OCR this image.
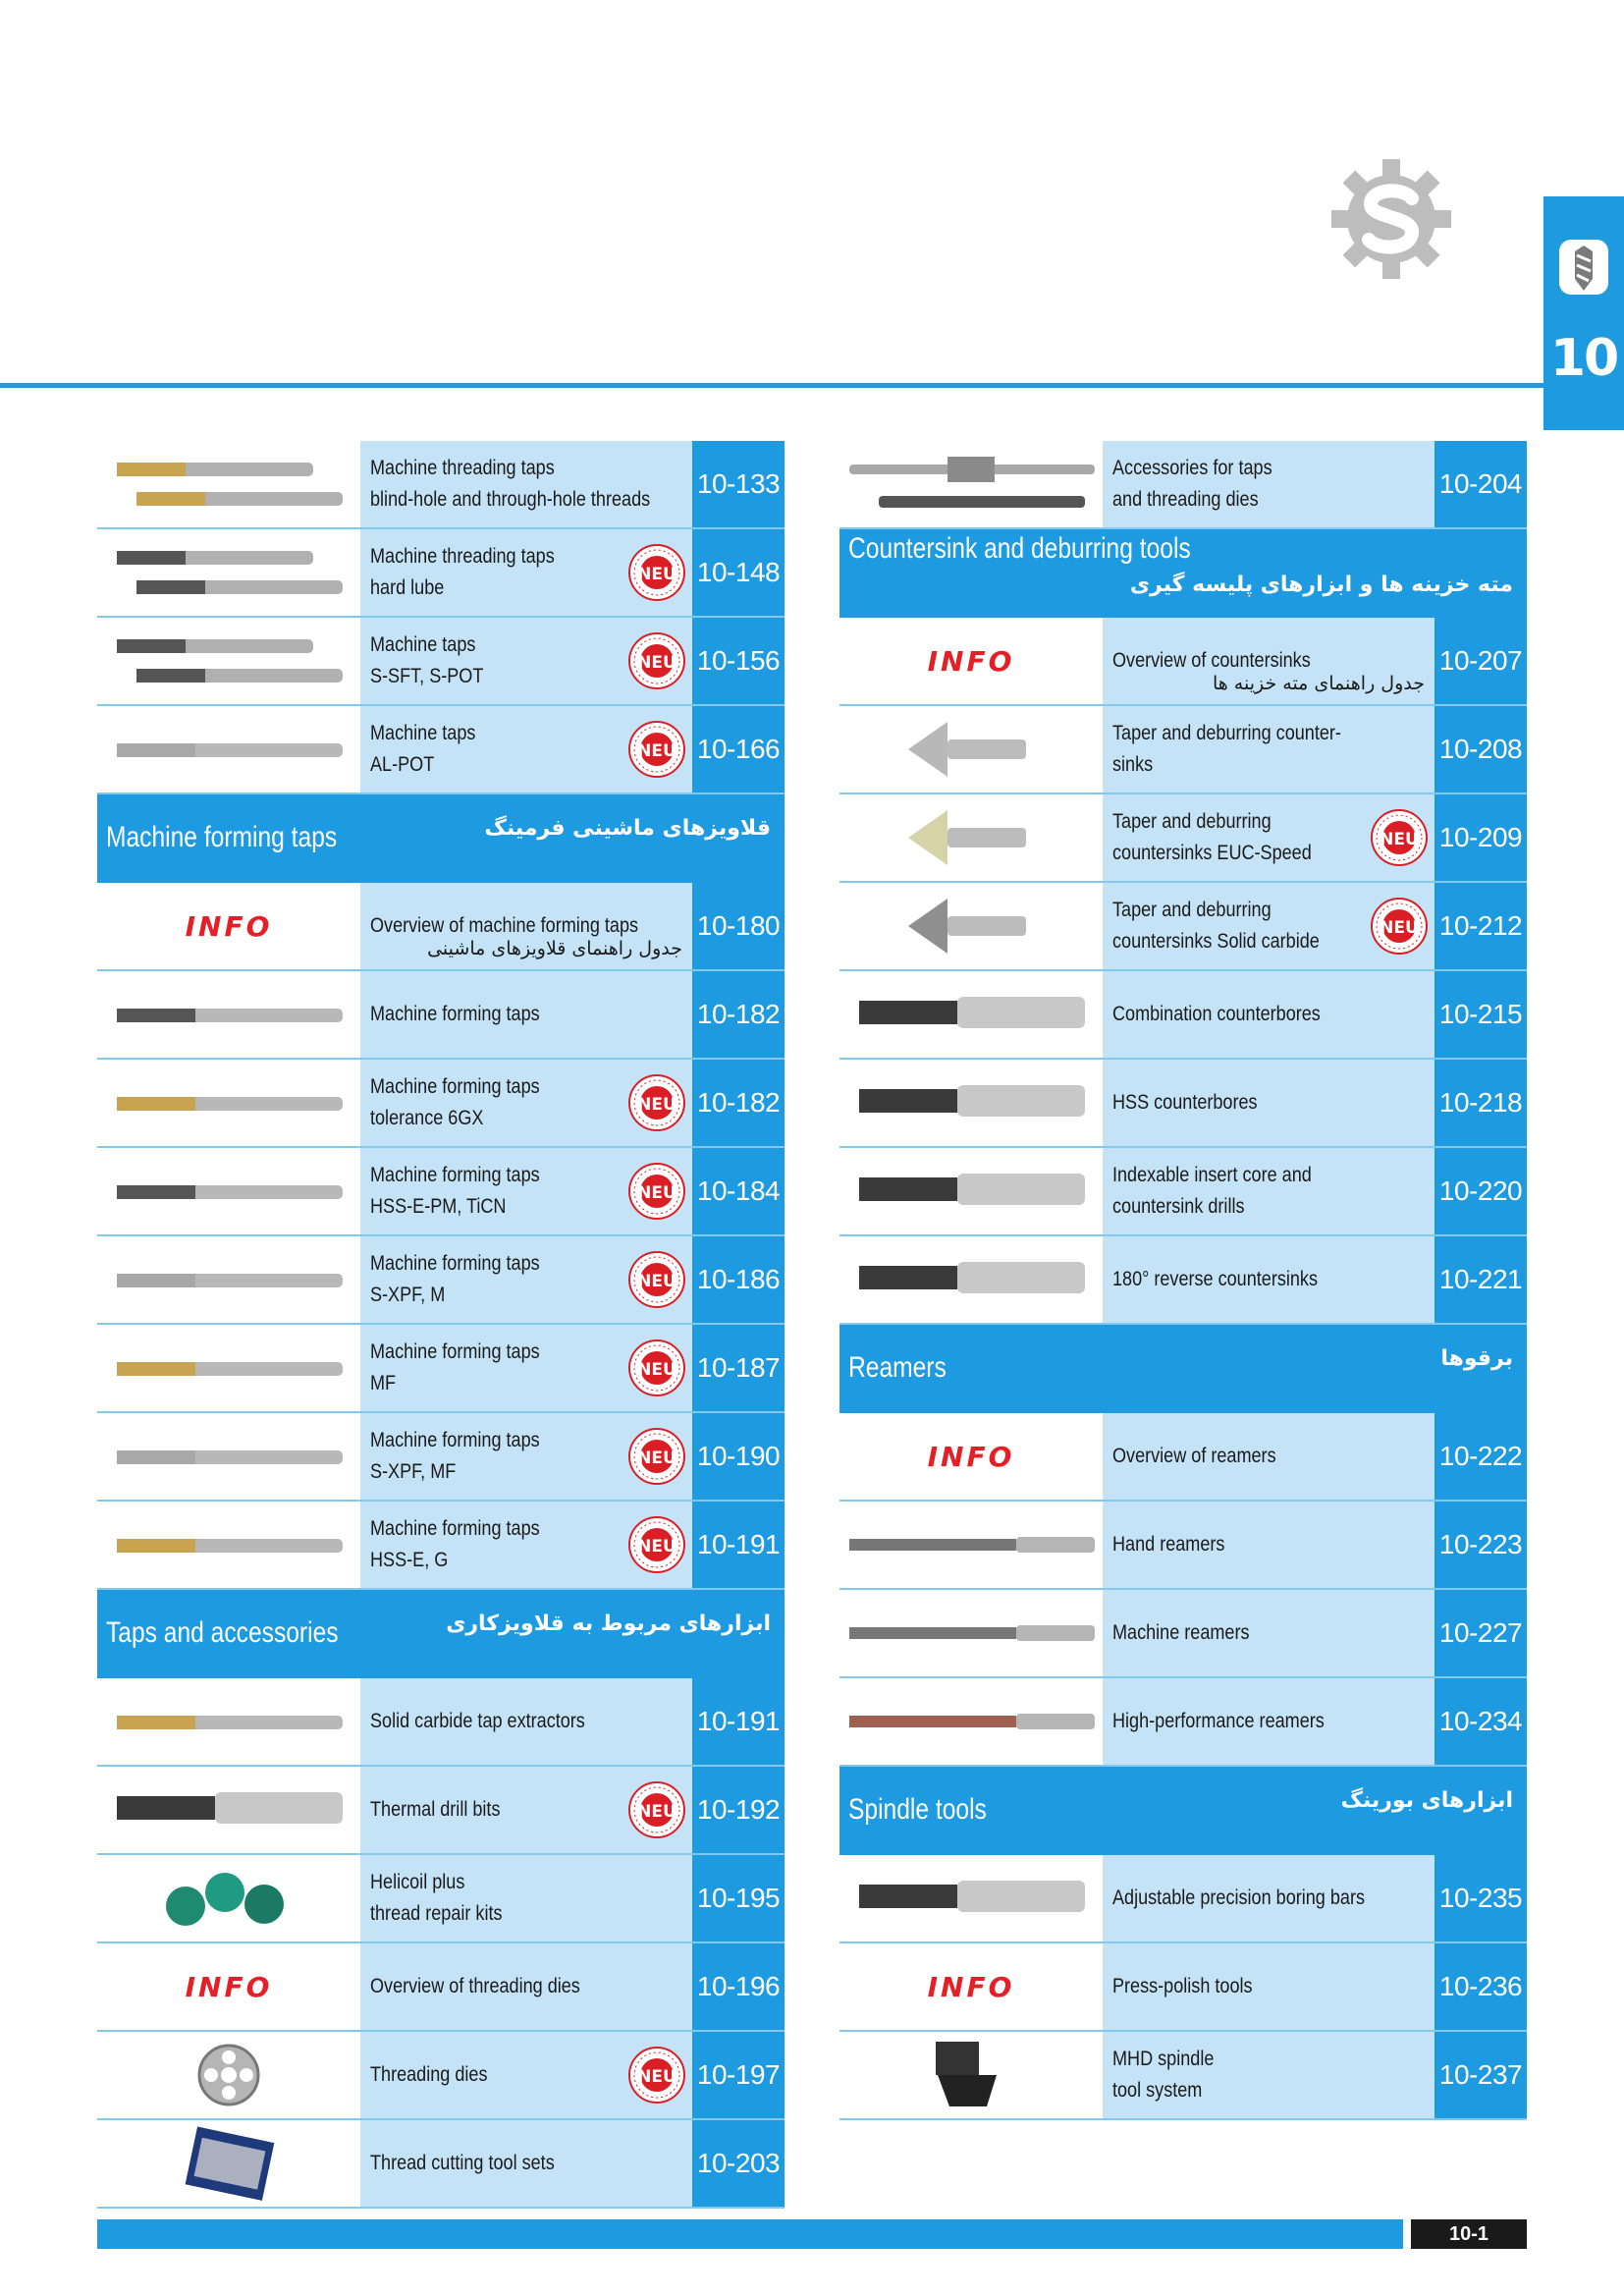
10
Machine threading taps
blind-hole and through-hole threads
10-133
Machine threading taps
hard lube
NEU 10-148
Machine taps
S-SFT, S-POT
NEU 10-156
Machine taps
AL-POT
NEU 10-166
Machine forming taps	قلاویزهای ماشینی فرمینگ
INFO	Overview of machine forming taps
جدول راهنمای قلاویزهای ماشینی
10-180
Machine forming taps	10-182
Machine forming taps
tolerance 6GX
NEU 10-182
Machine forming taps
HSS-E-PM, TiCN
NEU 10-184
Machine forming taps
S-XPF, M
NEU 10-186
Machine forming taps
MF
NEU 10-187
Machine forming taps
S-XPF, MF
NEU 10-190
Machine forming taps
HSS-E, G
NEU 10-191
Taps and accessories	ابزارهای مربوط به قلاویزکاری
Solid carbide tap extractors	10-191
Thermal drill bits	NEU 10-192
Helicoil plus
thread repair kits
10-195
INFO	Overview of threading dies	10-196
Threading dies	NEU 10-197
Thread cutting tool sets	10-203
Accessories for taps
and threading dies
10-204
Countersink and deburring tools
مته خزینه ها و ابزارهای پلیسه گیری
INFO	Overview of countersinks
جدول راهنمای مته خزینه ها
10-207
Taper and deburring counter-
sinks
10-208
Taper and deburring
countersinks EUC-Speed
NEU 10-209
Taper and deburring
countersinks Solid carbide
NEU 10-212
Combination counterbores	10-215
HSS counterbores	10-218
Indexable insert core and
countersink drills
10-220
180° reverse countersinks	10-221
Reamers	برقوها
INFO	Overview of reamers	10-222
Hand reamers	10-223
Machine reamers	10-227
High-performance reamers	10-234
Spindle tools	ابزارهای بورینگ
Adjustable precision boring bars	10-235
INFO	Press-polish tools	10-236
MHD spindle
tool system
10-237
10-1
